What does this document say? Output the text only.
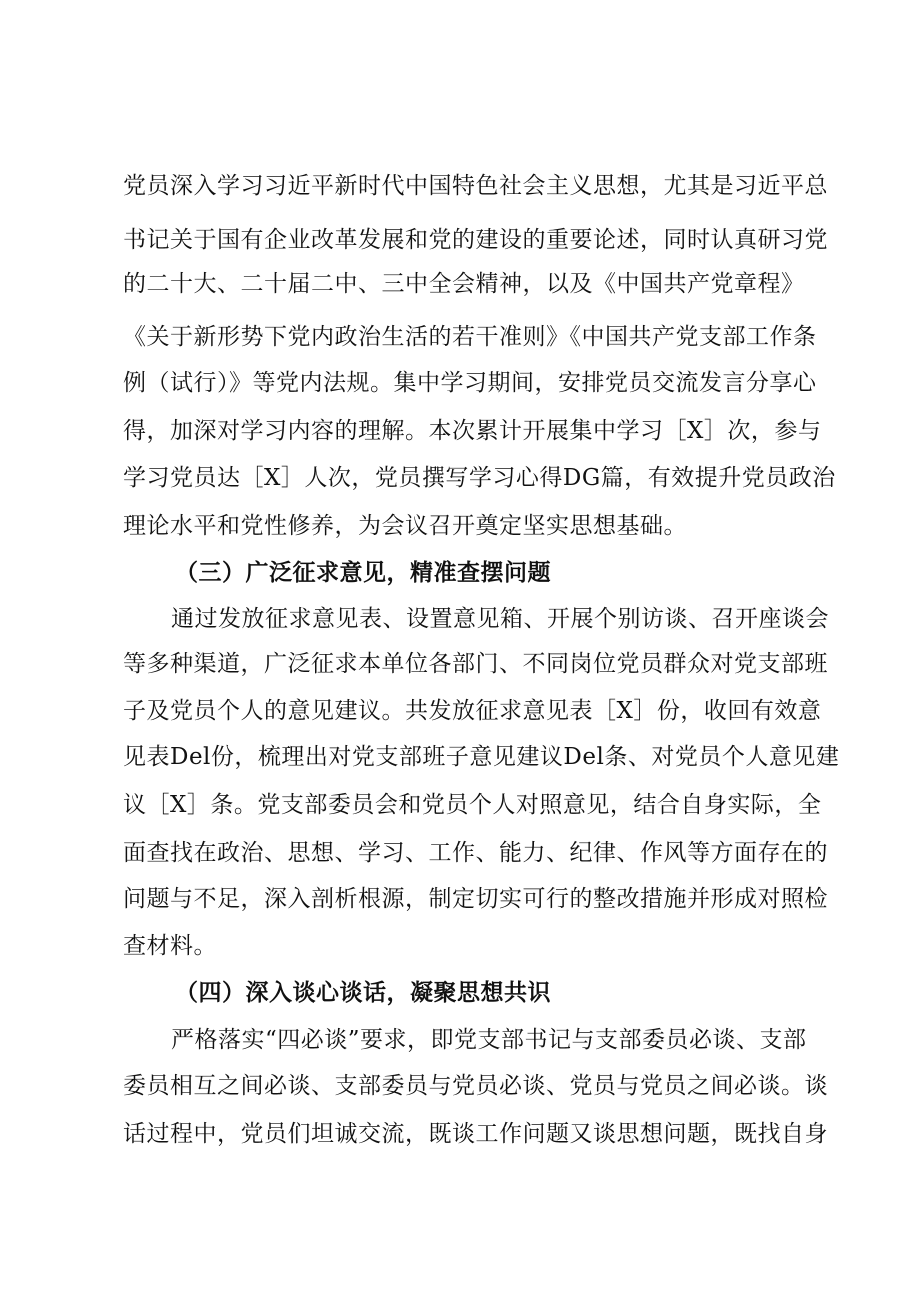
党员深入学习习近平新时代中国特色社会主义思想，尤其是习近平总
书记关于国有企业改革发展和党的建设的重要论述，同时认真研习党
的二十大、二十届二中、三中全会精神，以及《中国共产党章程》
《关于新形势下党内政治生活的若干准则》《中国共产党支部工作条
例（试行）》等党内法规。集中学习期间，安排党员交流发言分享心
得，加深对学习内容的理解。本次累计开展集中学习［X］次，参与
学习党员达［X］人次，党员撰写学习心得DG篇，有效提升党员政治
理论水平和党性修养，为会议召开奠定坚实思想基础。
（三）广泛征求意见，精准查摆问题
通过发放征求意见表、设置意见箱、开展个别访谈、召开座谈会
等多种渠道，广泛征求本单位各部门、不同岗位党员群众对党支部班
子及党员个人的意见建议。共发放征求意见表［X］份，收回有效意
见表Del份，梳理出对党支部班子意见建议Del条、对党员个人意见建
议［X］条。党支部委员会和党员个人对照意见，结合自身实际，全
面查找在政治、思想、学习、工作、能力、纪律、作风等方面存在的
问题与不足，深入剖析根源，制定切实可行的整改措施并形成对照检
查材料。
（四）深入谈心谈话，凝聚思想共识
严格落实“四必谈”要求，即党支部书记与支部委员必谈、支部
委员相互之间必谈、支部委员与党员必谈、党员与党员之间必谈。谈
话过程中，党员们坦诚交流，既谈工作问题又谈思想问题，既找自身
